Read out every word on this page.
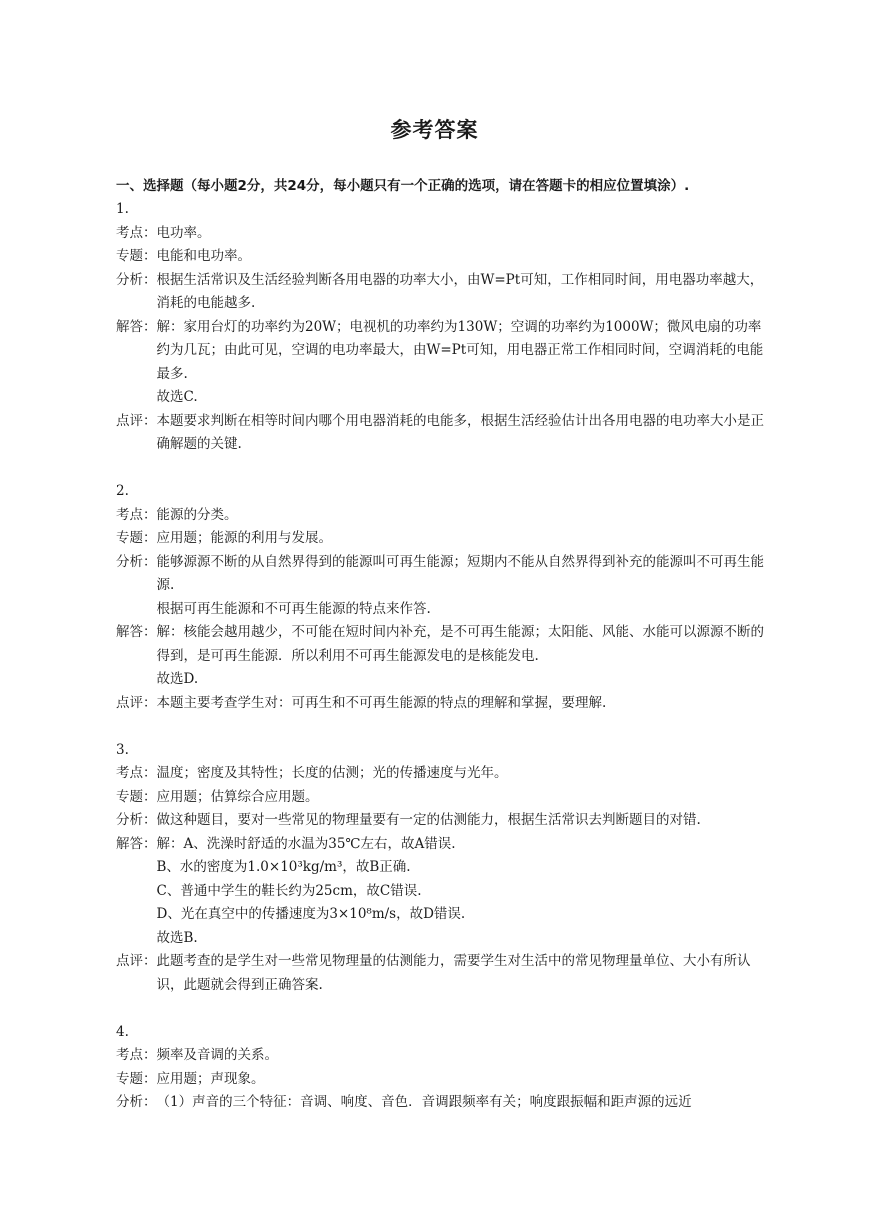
参考答案
一、选择题（每小题2分，共24分，每小题只有一个正确的选项，请在答题卡的相应位置填涂）.
1.
考点： 电功率。
专题： 电能和电功率。
分析： 根据生活常识及生活经验判断各用电器的功率大小，由W=Pt可知，工作相同时间，用电器功率越大，消耗的电能越多.
解答： 解：家用台灯的功率约为20W；电视机的功率约为130W；空调的功率约为1000W；微风电扇的功率约为几瓦；由此可见，空调的电功率最大，由W=Pt可知，用电器正常工作相同时间，空调消耗的电能最多.
故选C.
点评： 本题要求判断在相等时间内哪个用电器消耗的电能多，根据生活经验估计出各用电器的电功率大小是正确解题的关键.
2.
考点： 能源的分类。
专题： 应用题；能源的利用与发展。
分析： 能够源源不断的从自然界得到的能源叫可再生能源；短期内不能从自然界得到补充的能源叫不可再生能源.
根据可再生能源和不可再生能源的特点来作答.
解答： 解：核能会越用越少，不可能在短时间内补充，是不可再生能源；太阳能、风能、水能可以源源不断的得到，是可再生能源．所以利用不可再生能源发电的是核能发电.
故选D.
点评： 本题主要考查学生对：可再生和不可再生能源的特点的理解和掌握，要理解.
3.
考点： 温度；密度及其特性；长度的估测；光的传播速度与光年。
专题： 应用题；估算综合应用题。
分析： 做这种题目，要对一些常见的物理量要有一定的估测能力，根据生活常识去判断题目的对错.
解答： 解：A、洗澡时舒适的水温为35℃左右，故A错误.
B、水的密度为1.0×10³kg/m³，故B正确.
C、普通中学生的鞋长约为25cm，故C错误.
D、光在真空中的传播速度为3×10⁸m/s，故D错误.
故选B.
点评： 此题考查的是学生对一些常见物理量的估测能力，需要学生对生活中的常见物理量单位、大小有所认识，此题就会得到正确答案.
4.
考点： 频率及音调的关系。
专题： 应用题；声现象。
分析： （1）声音的三个特征：音调、响度、音色．音调跟频率有关；响度跟振幅和距声源的远近
